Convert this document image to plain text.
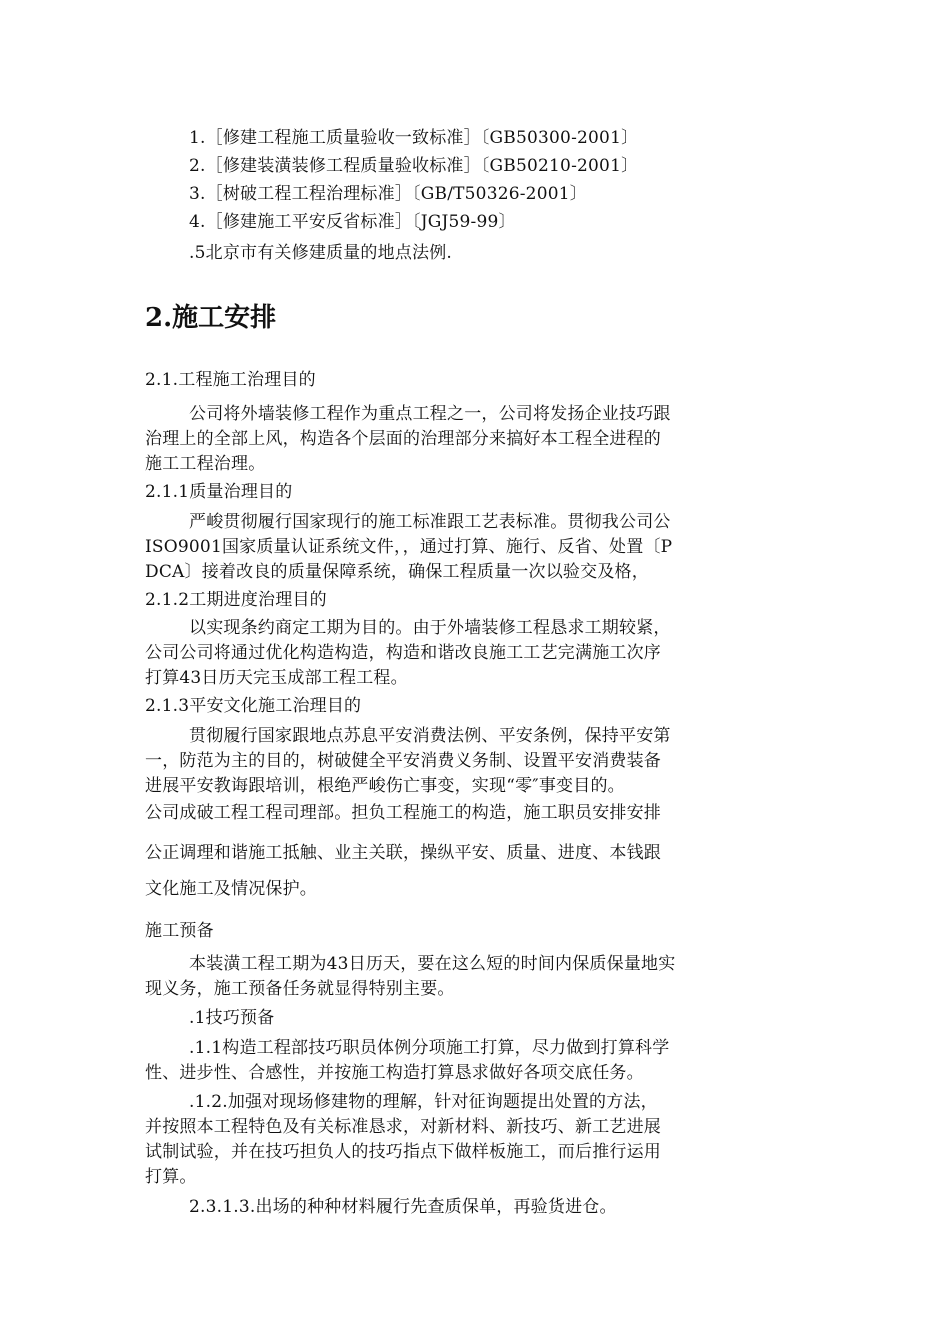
1.［修建工程施工质量验收一致标准］〔GB50300-2001〕
2.［修建装潢装修工程质量验收标准］〔GB50210-2001〕
3.［树破工程工程治理标准］〔GB/T50326-2001〕
4.［修建施工平安反省标准］〔JGJ59-99〕
.5北京市有关修建质量的地点法例.
2.施工安排
2.1.工程施工治理目的
公司将外墙装修工程作为重点工程之一，公司将发扬企业技巧跟
治理上的全部上风，构造各个层面的治理部分来搞好本工程全进程的
施工工程治理。
2.1.1质量治理目的
严峻贯彻履行国家现行的施工标准跟工艺表标准。贯彻我公司公
ISO9001国家质量认证系统文件，，通过打算、施行、反省、处置〔P
DCA〕接着改良的质量保障系统，确保工程质量一次以验交及格，
2.1.2工期进度治理目的
以实现条约商定工期为目的。由于外墙装修工程恳求工期较紧，
公司公司将通过优化构造构造，构造和谐改良施工工艺完满施工次序
打算43日历天完玉成部工程工程。
2.1.3平安文化施工治理目的
贯彻履行国家跟地点苏息平安消费法例、平安条例，保持平安第
一，防范为主的目的，树破健全平安消费义务制、设置平安消费装备
进展平安教诲跟培训，根绝严峻伤亡事变，实现“零″事变目的。
公司成破工程工程司理部。担负工程施工的构造，施工职员安排安排
公正调理和谐施工抵触、业主关联，操纵平安、质量、进度、本钱跟
文化施工及情况保护。
施工预备
本装潢工程工期为43日历天，要在这么短的时间内保质保量地实
现义务，施工预备任务就显得特别主要。
.1技巧预备
.1.1构造工程部技巧职员体例分项施工打算，尽力做到打算科学
性、进步性、合感性，并按施工构造打算恳求做好各项交底任务。
.1.2.加强对现场修建物的理解，针对征询题提出处置的方法，
并按照本工程特色及有关标准恳求，对新材料、新技巧、新工艺进展
试制试验，并在技巧担负人的技巧指点下做样板施工，而后推行运用
打算。
2.3.1.3.出场的种种材料履行先查质保单，再验货进仓。
